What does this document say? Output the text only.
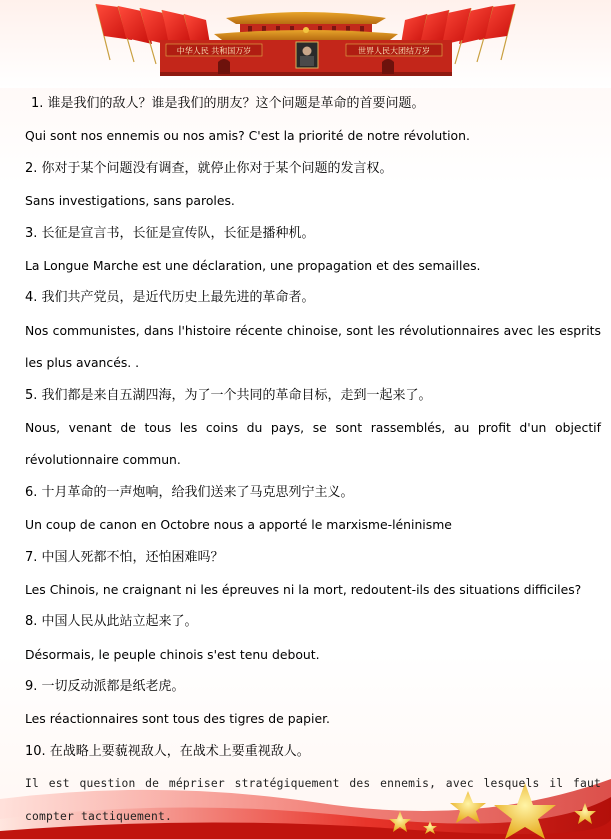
中华人民 共和国万岁	世界人民大团结万岁
1. 谁是我们的敌人？谁是我们的朋友？这个问题是革命的首要问题。
Qui sont nos ennemis ou nos amis? C'est la priorité de notre révolution.
2. 你对于某个问题没有调查，就停止你对于某个问题的发言权。
Sans investigations, sans paroles.
3. 长征是宣言书，长征是宣传队，长征是播种机。
La Longue Marche est une déclaration, une propagation et des semailles.
4. 我们共产党员，是近代历史上最先进的革命者。
Nos communistes, dans l'histoire récente chinoise, sont les révolutionnaires avec les esprits les plus avancés. .
5. 我们都是来自五湖四海，为了一个共同的革命目标，走到一起来了。
Nous, venant de tous les coins du pays, se sont rassemblés, au profit d'un objectif révolutionnaire commun.
6. 十月革命的一声炮响，给我们送来了马克思列宁主义。
Un coup de canon en Octobre nous a apporté le marxisme-léninisme
7. 中国人死都不怕，还怕困难吗？
Les Chinois, ne craignant ni les épreuves ni la mort, redoutent-ils des situations difficiles?
8. 中国人民从此站立起来了。
Désormais, le peuple chinois s'est tenu debout.
9. 一切反动派都是纸老虎。
Les réactionnaires sont tous des tigres de papier.
10. 在战略上要藐视敌人，在战术上要重视敌人。
Il est question de mépriser stratégiquement des ennemis, avec lesquels il faut compter tactiquement.
